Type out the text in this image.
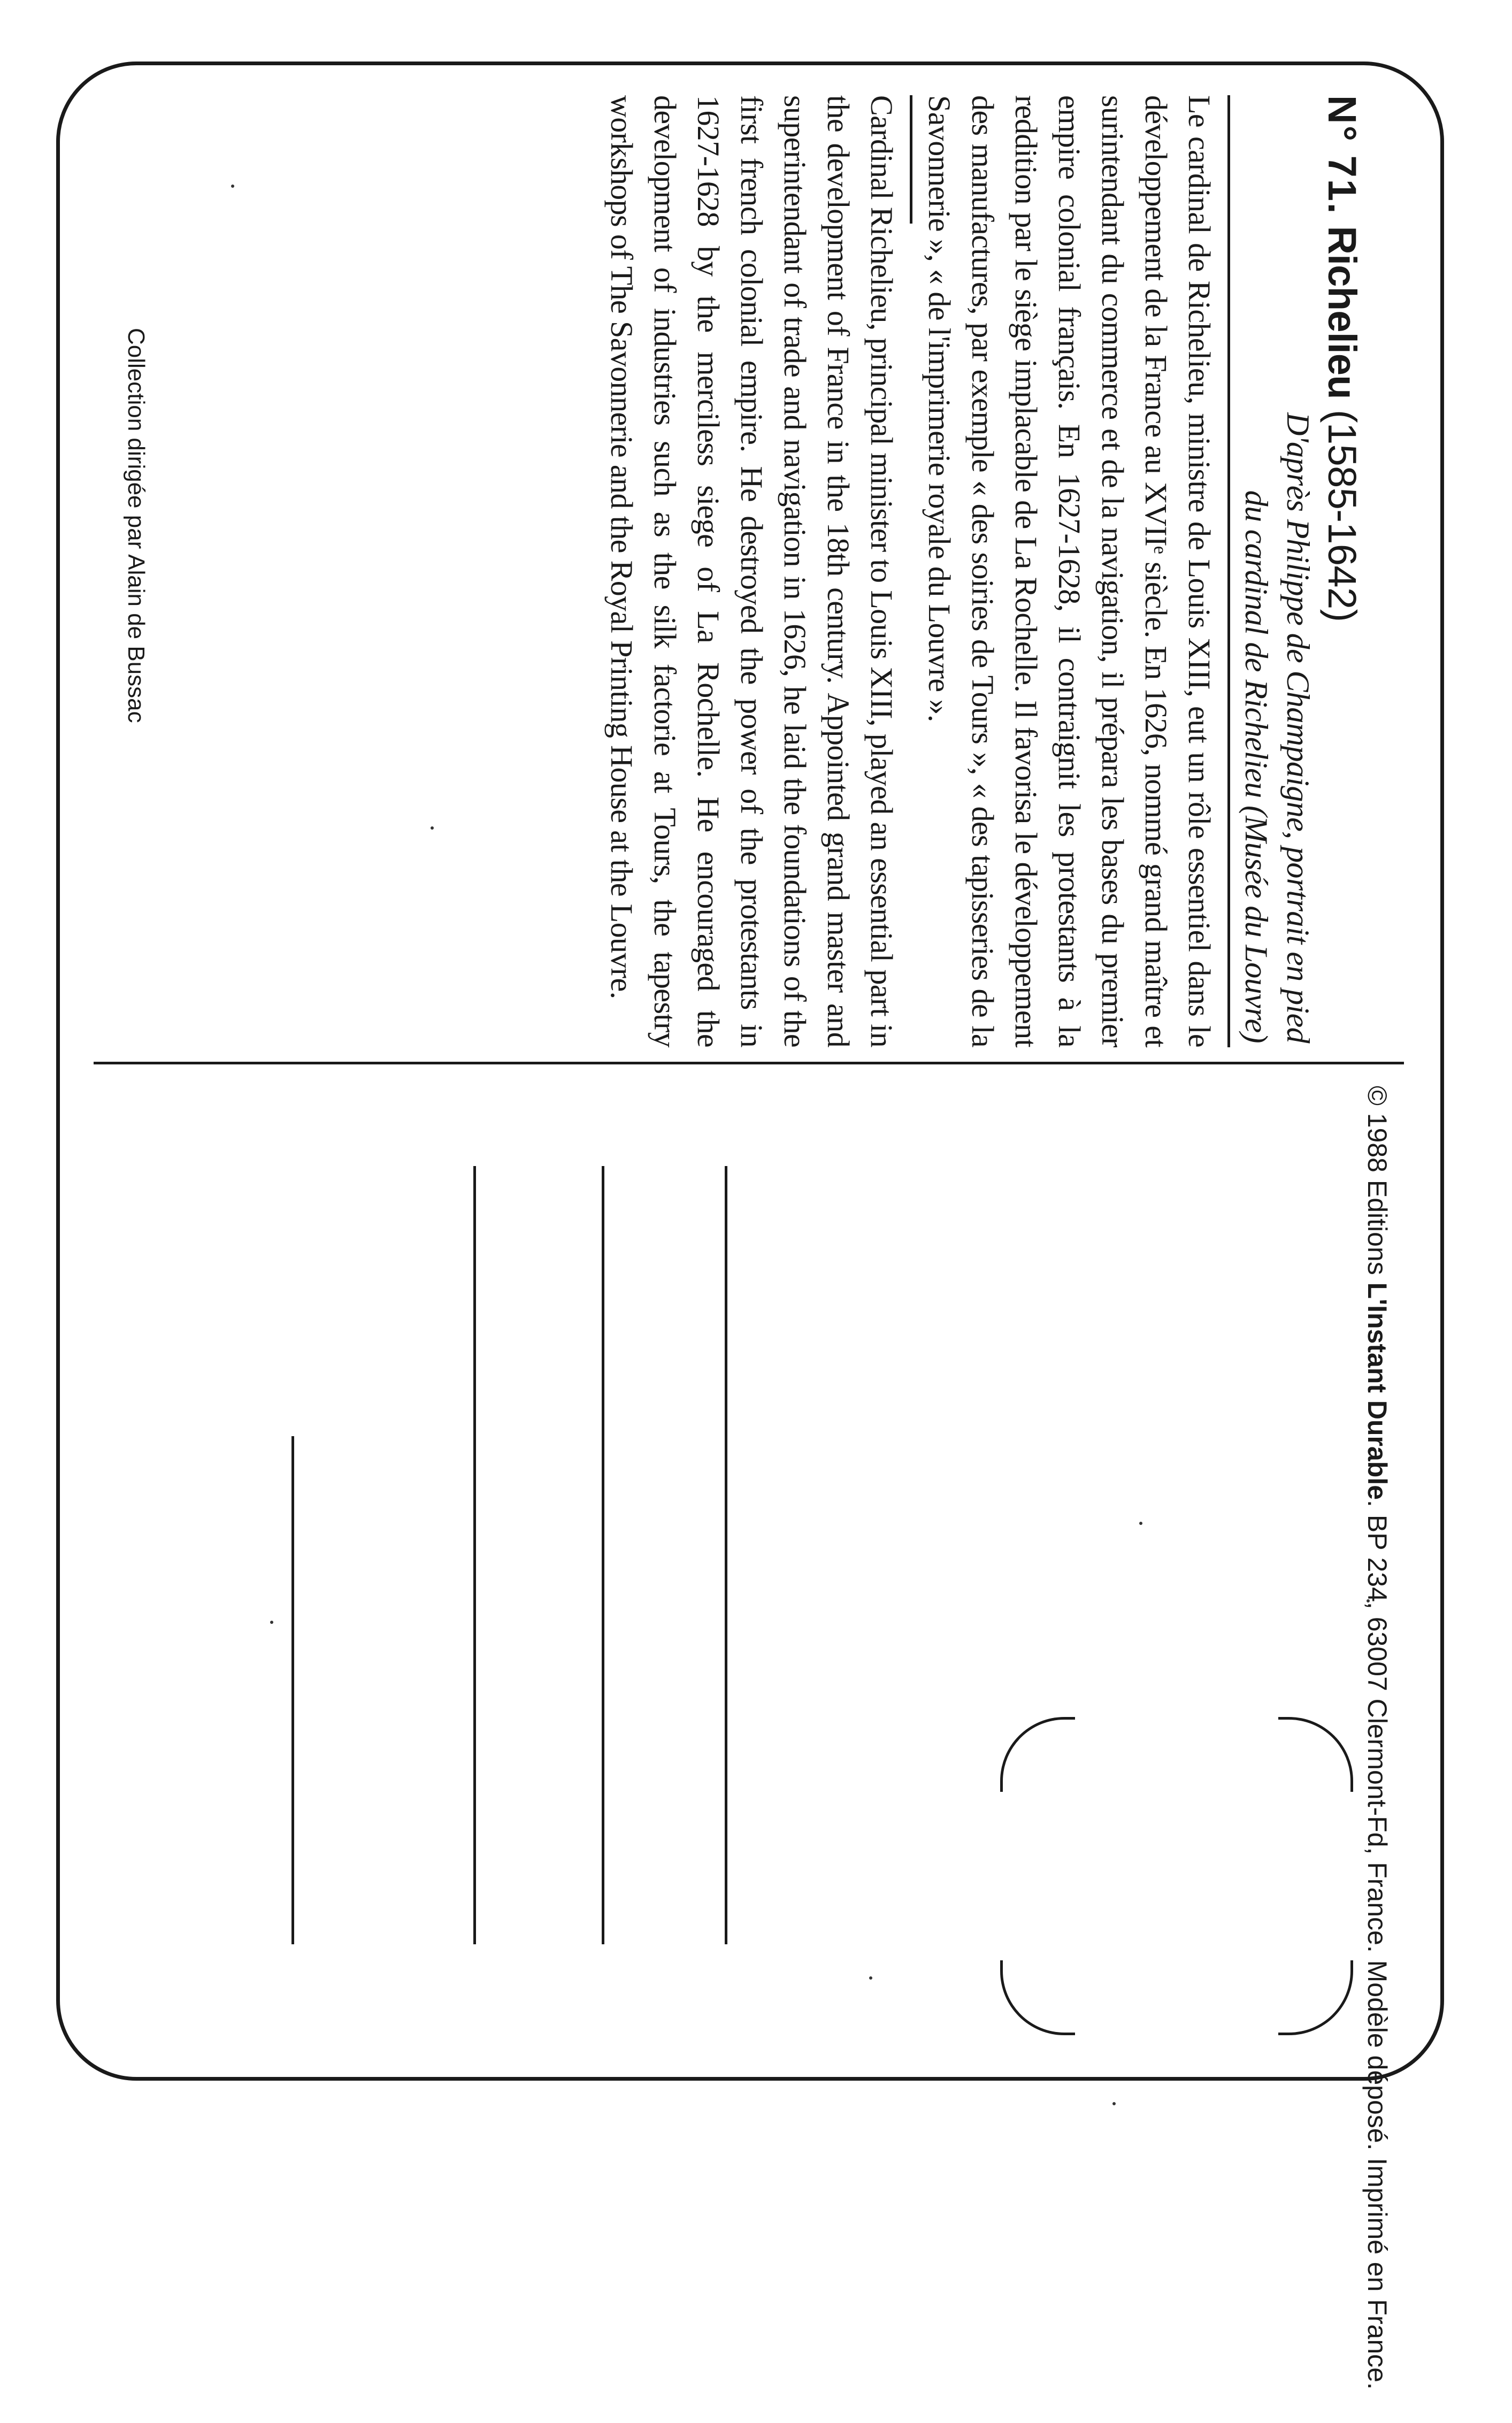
N° 71. Richelieu (1585-1642)

D'après Philippe de Champaigne, portrait en pied

du cardinal de Richelieu (Musée du Louvre)

Le cardinal de Richelieu, ministre de Louis XIII, eut un rôle essentiel dans le développement de la France au XVIIᵉ siècle. En 1626, nommé grand maître et surintendant du commerce et de la navigation, il prépara les bases du premier empire colonial français. En 1627-1628, il contraignit les protestants à la reddition par le siège implacable de La Rochelle. Il favorisa le développement des manufactures, par exemple « des soiries de Tours », « des tapisseries de la Savonnerie », « de l'imprimerie royale du Louvre ».

Cardinal Richelieu, principal minister to Louis XIII, played an essential part in the development of France in the 18th century. Appointed grand master and superintendant of trade and navigation in 1626, he laid the foundations of the first french colonial empire. He destroyed the power of the protestants in 1627-1628 by the merciless siege of La Rochelle. He encouraged the development of industries such as the silk factorie at Tours, the tapestry workshops of The Savonnerie and the Royal Printing House at the Louvre.

Collection dirigée par Alain de Bussac
© 1988 Editions L'Instant Durable. BP 234, 63007 Clermont-Fd, France. Modèle déposé. Imprimé en France.
